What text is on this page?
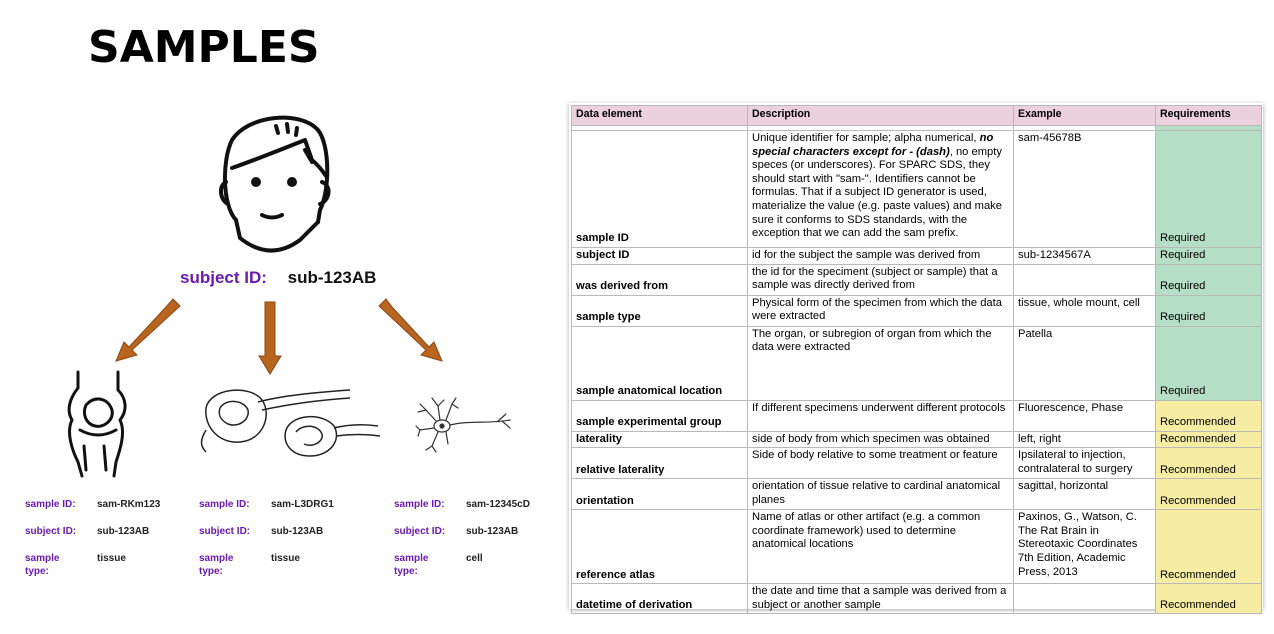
SAMPLES
subject ID: sub-123AB
sample ID:	sam-RKm123
subject ID:	sub-123AB
sample
type:
tissue
sample ID:	sam-L3DRG1
subject ID:	sub-123AB
sample
type:
tissue
sample ID:	sam-12345cD
subject ID:	sub-123AB
sample
type:
cell
Data element	Description	Example	Requirements

sample ID	Unique identifier for sample; alpha numerical, no special characters except for - (dash), no empty speces (or underscores). For SPARC SDS, they should start with "sam-". Identifiers cannot be formulas. That if a subject ID generator is used, materialize the value (e.g. paste values) and make sure it conforms to SDS standards, with the exception that we can add the sam prefix.	sam-45678B	Required
subject ID	id for the subject the sample was derived from	sub-1234567A	Required
was derived from	the id for the speciment (subject or sample) that a sample was directly derived from		Required
sample type	Physical form of the specimen from which the data were extracted	tissue, whole mount, cell	Required
sample anatomical location	The organ, or subregion of organ from which the data were extracted	Patella	Required
sample experimental group	If different specimens underwent different protocols	Fluorescence, Phase	Recommended
laterality	side of body from which specimen was obtained	left, right	Recommended
relative laterality	Side of body relative to some treatment or feature	Ipsilateral to injection, contralateral to surgery	Recommended
orientation	orientation of tissue relative to cardinal anatomical planes	sagittal, horizontal	Recommended
reference atlas	Name of atlas or other artifact (e.g. a common coordinate framework) used to determine anatomical locations	Paxinos, G., Watson, C. The Rat Brain in Stereotaxic Coordinates 7th Edition, Academic Press, 2013	Recommended
datetime of derivation	the date and time that a sample was derived from a subject or another sample		Recommended
